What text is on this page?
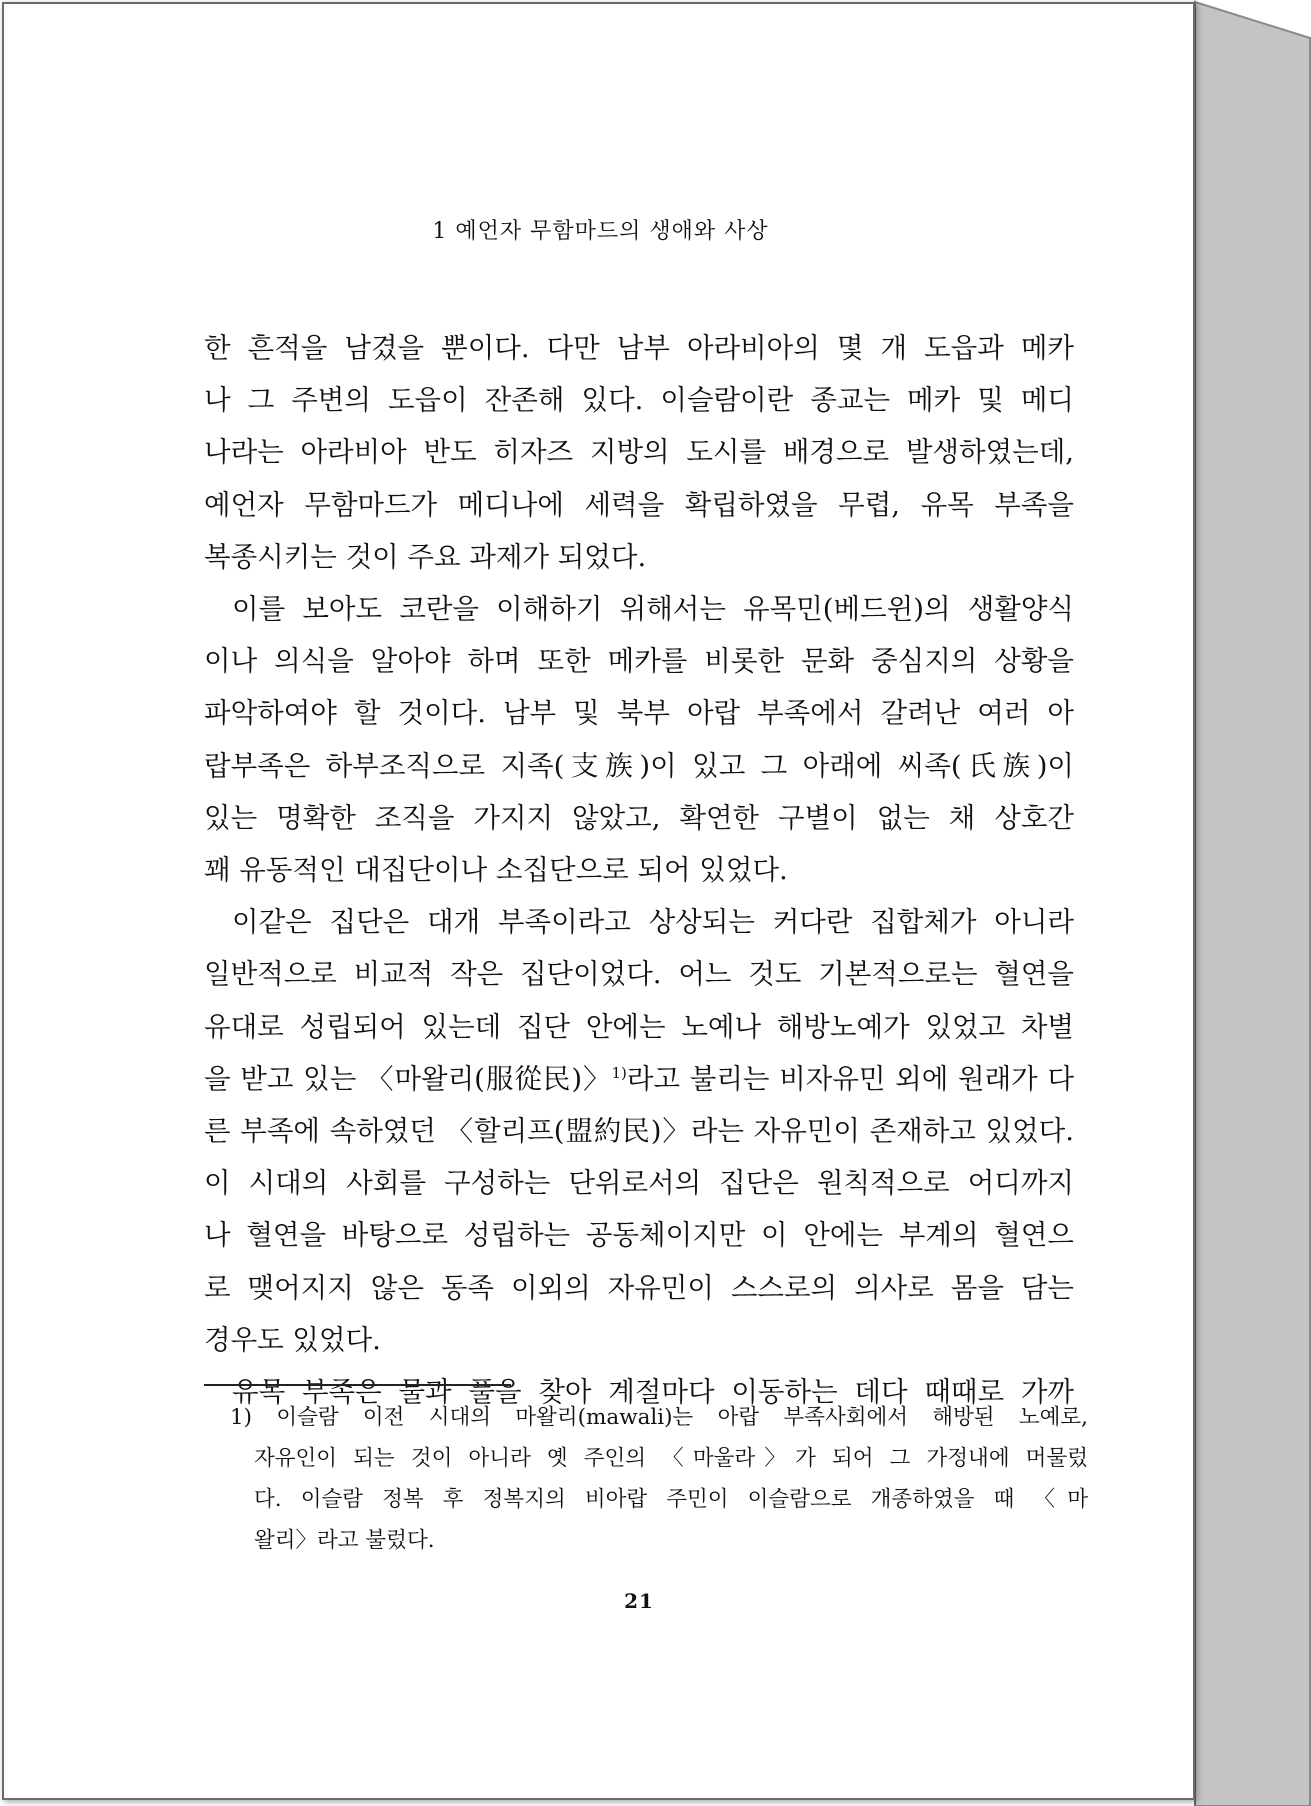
1 예언자 무함마드의 생애와 사상

한 흔적을 남겼을 뿐이다. 다만 남부 아라비아의 몇 개 도읍과 메카

나 그 주변의 도읍이 잔존해 있다. 이슬람이란 종교는 메카 및 메디

나라는 아라비아 반도 히자즈 지방의 도시를 배경으로 발생하였는데,

예언자 무함마드가 메디나에 세력을 확립하였을 무렵, 유목 부족을

복종시키는 것이 주요 과제가 되었다.

이를 보아도 코란을 이해하기 위해서는 유목민(베드윈)의 생활양식

이나 의식을 알아야 하며 또한 메카를 비롯한 문화 중심지의 상황을

파악하여야 할 것이다. 남부 및 북부 아랍 부족에서 갈려난 여러 아

랍부족은 하부조직으로 지족(支族)이 있고 그 아래에 씨족(氏族)이

있는 명확한 조직을 가지지 않았고, 확연한 구별이 없는 채 상호간

꽤 유동적인 대집단이나 소집단으로 되어 있었다.

이같은 집단은 대개 부족이라고 상상되는 커다란 집합체가 아니라

일반적으로 비교적 작은 집단이었다. 어느 것도 기본적으로는 혈연을

유대로 성립되어 있는데 집단 안에는 노예나 해방노예가 있었고 차별

을 받고 있는 〈마왈리(服從民)〉$^{1)}$라고 불리는 비자유민 외에 원래가 다

른 부족에 속하였던 〈할리프(盟約民)〉라는 자유민이 존재하고 있었다.

이 시대의 사회를 구성하는 단위로서의 집단은 원칙적으로 어디까지

나 혈연을 바탕으로 성립하는 공동체이지만 이 안에는 부계의 혈연으

로 맺어지지 않은 동족 이외의 자유민이 스스로의 의사로 몸을 담는

경우도 있었다.

유목 부족은 물과 풀을 찾아 계절마다 이동하는 데다 때때로 가까

1) 이슬람 이전 시대의 마왈리(mawali)는 아랍 부족사회에서 해방된 노예로,
자유인이 되는 것이 아니라 옛 주인의 〈마울라〉가 되어 그 가정내에 머물렀
다. 이슬람 정복 후 정복지의 비아랍 주민이 이슬람으로 개종하였을 때 〈마
왈리〉라고 불렀다.
21
